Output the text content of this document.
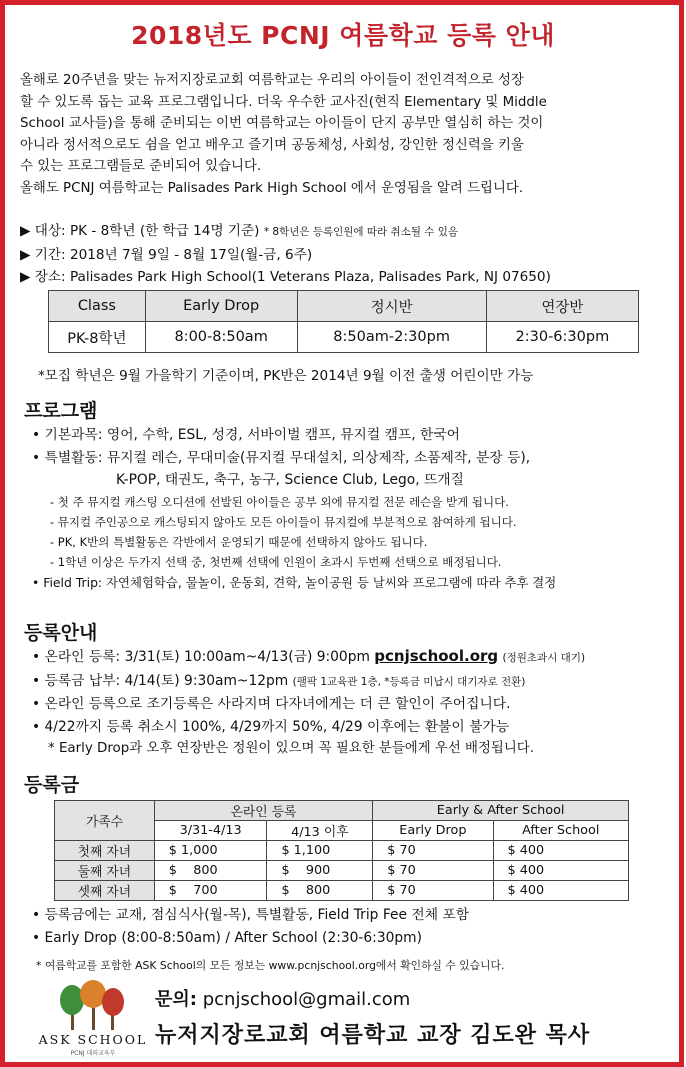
2018년도 PCNJ 여름학교 등록 안내

올해로 20주년을 맞는 뉴저지장로교회 여름학교는 우리의 아이들이 전인격적으로 성장

할 수 있도록 돕는 교육 프로그램입니다. 더욱 우수한 교사진(현직 Elementary 및 Middle

School 교사들)을 통해 준비되는 이번 여름학교는 아이들이 단지 공부만 열심히 하는 것이

아니라 정서적으로도 쉼을 얻고 배우고 즐기며 공동체성, 사회성, 강인한 정신력을 키울

수 있는 프로그램들로 준비되어 있습니다.

올해도 PCNJ 여름학교는 Palisades Park High School 에서 운영됨을 알려 드립니다.

▶ 대상: PK - 8학년 (한 학급 14명 기준) * 8학년은 등록인원에 따라 취소될 수 있음
▶ 기간: 2018년 7월 9일 - 8월 17일(월-금, 6주)
▶ 장소: Palisades Park High School(1 Veterans Plaza, Palisades Park, NJ 07650)
Class	Early Drop	정시반	연장반
PK-8학년	8:00-8:50am	8:50am-2:30pm	2:30-6:30pm
*모집 학년은 9월 가을학기 기준이며, PK반은 2014년 9월 이전 출생 어린이만 가능
프로그램
• 기본과목: 영어, 수학, ESL, 성경, 서바이벌 캠프, 뮤지컬 캠프, 한국어
• 특별활동: 뮤지컬 레슨, 무대미술(뮤지컬 무대설치, 의상제작, 소품제작, 분장 등),
K-POP, 태권도, 축구, 농구, Science Club, Lego, 뜨개질
- 첫 주 뮤지컬 캐스팅 오디션에 선발된 아이들은 공부 외에 뮤지컬 전문 레슨을 받게 됩니다.
- 뮤지컬 주인공으로 캐스팅되지 않아도 모든 아이들이 뮤지컬에 부분적으로 참여하게 됩니다.
- PK, K반의 특별활동은 각반에서 운영되기 때문에 선택하지 않아도 됩니다.
- 1학년 이상은 두가지 선택 중, 첫번째 선택에 인원이 초과시 두번째 선택으로 배정됩니다.
• Field Trip: 자연체험학습, 물놀이, 운동회, 견학, 놀이공원 등 날씨와 프로그램에 따라 추후 결정
등록안내
• 온라인 등록: 3/31(토) 10:00am~4/13(금) 9:00pm pcnjschool.org (정원초과시 대기)
• 등록금 납부: 4/14(토) 9:30am~12pm (팰팍 1교육관 1층, *등록금 미납시 대기자로 전환)
• 온라인 등록으로 조기등록은 사라지며 다자녀에게는 더 큰 할인이 주어집니다.
• 4/22까지 등록 취소시 100%, 4/29까지 50%, 4/29 이후에는 환불이 불가능
* Early Drop과 오후 연장반은 정원이 있으며 꼭 필요한 분들에게 우선 배정됩니다.
등록금
가족수	온라인 등록		Early & After School	
	3/31-4/13	4/13 이후	Early Drop	After School
첫째 자녀	$ 1,000	$ 1,100	$ 70	$ 400
둘째 자녀	$    800	$    900	$ 70	$ 400
셋째 자녀	$    700	$    800	$ 70	$ 400
• 등록금에는 교재, 점심식사(월-목), 특별활동, Field Trip Fee 전체 포함
• Early Drop (8:00-8:50am) / After School (2:30-6:30pm)
* 여름학교를 포함한 ASK School의 모든 정보는 www.pcnjschool.org에서 확인하실 수 있습니다.
ASK SCHOOL
PCNJ 대외교육부
문의: pcnjschool@gmail.com
뉴저지장로교회 여름학교 교장 김도완 목사
